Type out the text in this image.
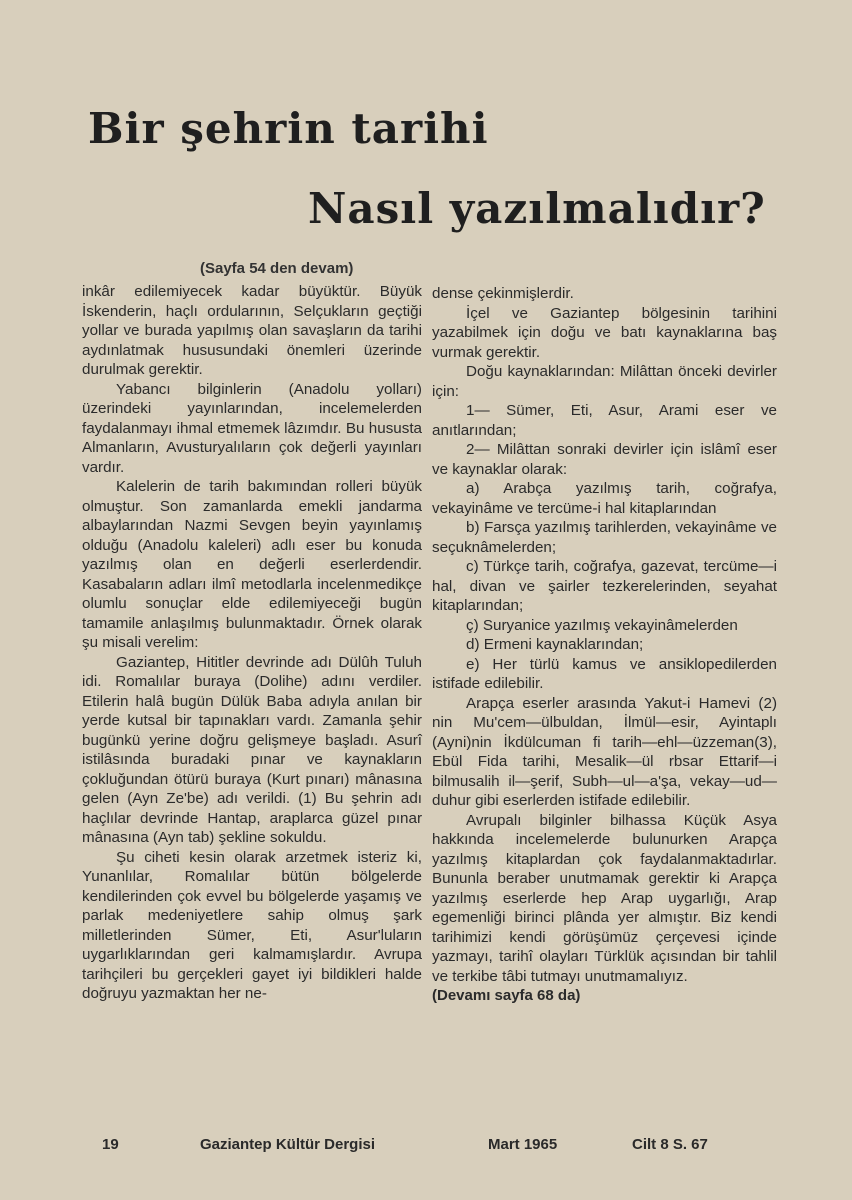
Bir şehrin tarihi
Nasıl yazılmalıdır?
(Sayfa 54 den devam)

inkâr edilemiyecek kadar büyüktür. Büyük İskenderin, haçlı ordularının, Selçukların geçtiği yollar ve burada yapılmış olan savaşların da tarihi aydınlatmak hususundaki önemleri üzerinde durulmak gerektir.

Yabancı bilginlerin (Anadolu yolları) üzerindeki yayınlarından, incelemelerden faydalanmayı ihmal etmemek lâzımdır. Bu hususta Almanların, Avusturyalıların çok değerli yayınları vardır.

Kalelerin de tarih bakımından rolleri büyük olmuştur. Son zamanlarda emekli jandarma albaylarından Nazmi Sevgen beyin yayınlamış olduğu (Anadolu kaleleri) adlı eser bu konuda yazılmış olan en değerli eserlerdendir. Kasabaların adları ilmî metodlarla incelenmedikçe olumlu sonuçlar elde edilemiyeceği bugün tamamile anlaşılmış bulunmaktadır. Örnek olarak şu misali verelim:

Gaziantep, Hititler devrinde adı Dülûh Tuluh idi. Romalılar buraya (Dolihe) adını verdiler. Etilerin halâ bugün Dülük Baba adıyla anılan bir yerde kutsal bir tapınakları vardı. Zamanla şehir bugünkü yerine doğru gelişmeye başladı. Asurî istilâsında buradaki pınar ve kaynakların çokluğundan ötürü buraya (Kurt pınarı) mânasına gelen (Ayn Ze'be) adı verildi. (1) Bu şehrin adı haçlılar devrinde Hantap, araplarca güzel pınar mânasına (Ayn tab) şekline sokuldu.

Şu ciheti kesin olarak arzetmek isteriz ki, Yunanlılar, Romalılar bütün bölgelerde kendilerinden çok evvel bu bölgelerde yaşamış ve parlak medeniyetlere sahip olmuş şark milletlerinden Sümer, Eti, Asur'luların uygarlıklarından geri kalmamışlardır. Avrupa tarihçileri bu gerçekleri gayet iyi bildikleri halde doğruyu yazmaktan her ne-

dense çekinmişlerdir.

İçel ve Gaziantep bölgesinin tarihini yazabilmek için doğu ve batı kaynaklarına baş vurmak gerektir.

Doğu kaynaklarından: Milâttan önceki devirler için:

1— Sümer, Eti, Asur, Arami eser ve anıtlarından;

2— Milâttan sonraki devirler için islâmî eser ve kaynaklar olarak:

a) Arabça yazılmış tarih, coğrafya, vekayinâme ve tercüme-i hal kitaplarından

b) Farsça yazılmış tarihlerden, vekayinâme ve seçuknâmelerden;

c) Türkçe tarih, coğrafya, gazevat, tercüme—i hal, divan ve şairler tezkerelerinden, seyahat kitaplarından;

ç) Suryanice yazılmış vekayinâmelerden

d) Ermeni kaynaklarından;

e) Her türlü kamus ve ansiklopedilerden istifade edilebilir.

Arapça eserler arasında Yakut-i Hamevi (2) nin Mu'cem—ülbuldan, İlmül—esir, Ayintaplı (Ayni)nin İkdülcuman fi tarih—ehl—üzzeman(3), Ebül Fida tarihi, Mesalik—ül rbsar Ettarif—i bilmusalih il—şerif, Subh—ul—a'şa, vekay—ud—duhur gibi eserlerden istifade edilebilir.

Avrupalı bilginler bilhassa Küçük Asya hakkında incelemelerde bulunurken Arapça yazılmış kitaplardan çok faydalanmaktadırlar. Bununla beraber unutmamak gerektir ki Arapça yazılmış eserlerde hep Arap uygarlığı, Arap egemenliği birinci plânda yer almıştır. Biz kendi tarihimizi kendi görüşümüz çerçevesi içinde yazmayı, tarihî olayları Türklük açısından bir tahlil ve terkibe tâbi tutmayı unutmamalıyız.

(Devamı sayfa 68 da)

19	Gaziantep Kültür Dergisi	Mart 1965	Cilt 8 S. 67
